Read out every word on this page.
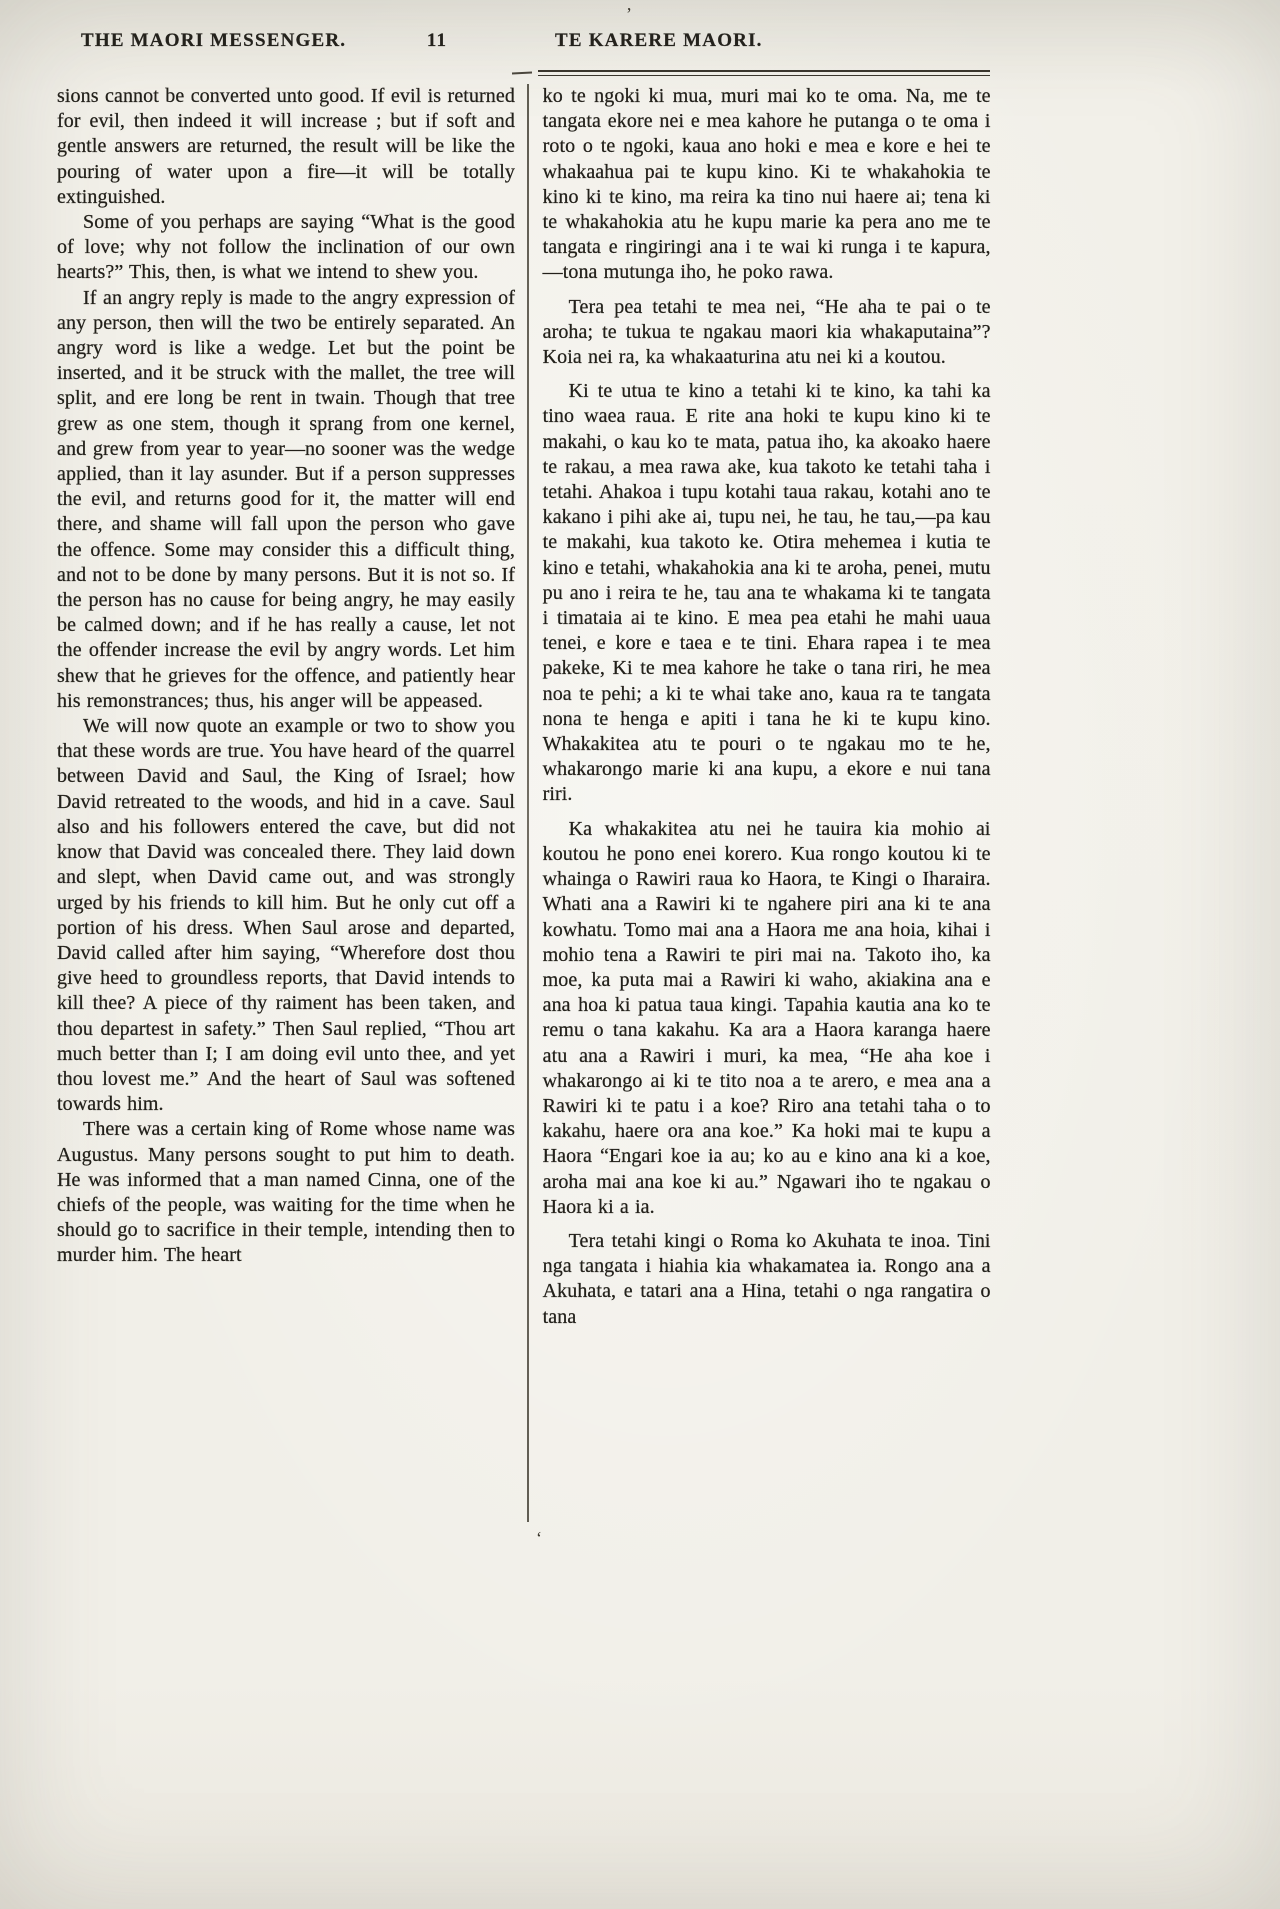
’
THE MAORI MESSENGER.	11	TE KARERE MAORI.

sions cannot be converted unto good. If evil is returned for evil, then indeed it will increase ; but if soft and gentle answers are returned, the result will be like the pouring of water upon a fire—it will be totally extinguished.

Some of you perhaps are saying “What is the good of love; why not follow the inclination of our own hearts?” This, then, is what we intend to shew you.

If an angry reply is made to the angry expression of any person, then will the two be entirely separated. An angry word is like a wedge. Let but the point be inserted, and it be struck with the mallet, the tree will split, and ere long be rent in twain. Though that tree grew as one stem, though it sprang from one kernel, and grew from year to year—no sooner was the wedge applied, than it lay asunder. But if a person suppresses the evil, and returns good for it, the matter will end there, and shame will fall upon the person who gave the offence. Some may consider this a difficult thing, and not to be done by many persons. But it is not so. If the person has no cause for being angry, he may easily be calmed down; and if he has really a cause, let not the offender increase the evil by angry words. Let him shew that he grieves for the offence, and patiently hear his remonstrances; thus, his anger will be appeased.

We will now quote an example or two to show you that these words are true. You have heard of the quarrel between David and Saul, the King of Israel; how David retreated to the woods, and hid in a cave. Saul also and his followers entered the cave, but did not know that David was concealed there. They laid down and slept, when David came out, and was strongly urged by his friends to kill him. But he only cut off a portion of his dress. When Saul arose and departed, David called after him saying, “Wherefore dost thou give heed to groundless reports, that David intends to kill thee? A piece of thy raiment has been taken, and thou departest in safety.” Then Saul replied, “Thou art much better than I; I am doing evil unto thee, and yet thou lovest me.” And the heart of Saul was softened towards him.

There was a certain king of Rome whose name was Augustus. Many persons sought to put him to death. He was informed that a man named Cinna, one of the chiefs of the people, was waiting for the time when he should go to sacrifice in their temple, intending then to murder him. The heart

ko te ngoki ki mua, muri mai ko te oma. Na, me te tangata ekore nei e mea kahore he putanga o te oma i roto o te ngoki, kaua ano hoki e mea e kore e hei te whakaahua pai te kupu kino. Ki te whakahokia te kino ki te kino, ma reira ka tino nui haere ai; tena ki te whakahokia atu he kupu marie ka pera ano me te tangata e ringiringi ana i te wai ki runga i te kapura,—tona mutunga iho, he poko rawa.

Tera pea tetahi te mea nei, “He aha te pai o te aroha; te tukua te ngakau maori kia whakaputaina”? Koia nei ra, ka whakaaturina atu nei ki a koutou.

Ki te utua te kino a tetahi ki te kino, ka tahi ka tino waea raua. E rite ana hoki te kupu kino ki te makahi, o kau ko te mata, patua iho, ka akoako haere te rakau, a mea rawa ake, kua takoto ke tetahi taha i tetahi. Ahakoa i tupu kotahi taua rakau, kotahi ano te kakano i pihi ake ai, tupu nei, he tau, he tau,—pa kau te makahi, kua takoto ke. Otira mehemea i kutia te kino e tetahi, whakahokia ana ki te aroha, penei, mutu pu ano i reira te he, tau ana te whakama ki te tangata i timataia ai te kino. E mea pea etahi he mahi uaua tenei, e kore e taea e te tini. Ehara rapea i te mea pakeke, Ki te mea kahore he take o tana riri, he mea noa te pehi; a ki te whai take ano, kaua ra te tangata nona te henga e apiti i tana he ki te kupu kino. Whakakitea atu te pouri o te ngakau mo te he, whakarongo marie ki ana kupu, a ekore e nui tana riri.

Ka whakakitea atu nei he tauira kia mohio ai koutou he pono enei korero. Kua rongo koutou ki te whainga o Rawiri raua ko Haora, te Kingi o Iharaira. Whati ana a Rawiri ki te ngahere piri ana ki te ana kowhatu. Tomo mai ana a Haora me ana hoia, kihai i mohio tena a Rawiri te piri mai na. Takoto iho, ka moe, ka puta mai a Rawiri ki waho, akiakina ana e ana hoa ki patua taua kingi. Tapahia kautia ana ko te remu o tana kakahu. Ka ara a Haora karanga haere atu ana a Rawiri i muri, ka mea, “He aha koe i whakarongo ai ki te tito noa a te arero, e mea ana a Rawiri ki te patu i a koe? Riro ana tetahi taha o to kakahu, haere ora ana koe.” Ka hoki mai te kupu a Haora “Engari koe ia au; ko au e kino ana ki a koe, aroha mai ana koe ki au.” Ngawari iho te ngakau o Haora ki a ia.

Tera tetahi kingi o Roma ko Akuhata te inoa. Tini nga tangata i hiahia kia whakamatea ia. Rongo ana a Akuhata, e tatari ana a Hina, tetahi o nga rangatira o tana

ʻ
